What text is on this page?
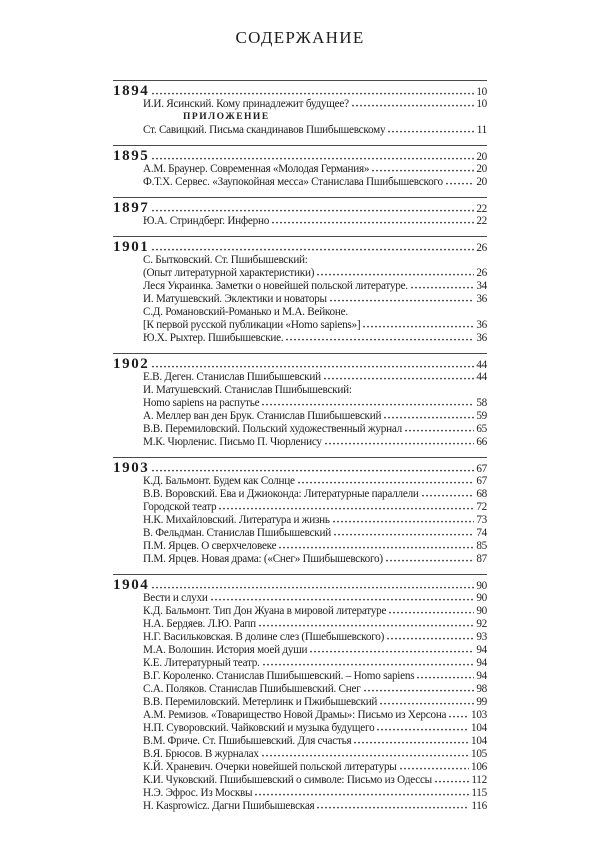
СОДЕРЖАНИЕ
1894	10
И.И. Ясинский. Кому принадлежит будущее?	10
ПРИЛОЖЕНИЕ
Ст. Савицкий. Письма скандинавов Пшибышевскому	11
1895	20
А.М. Браунер. Современная «Молодая Германия»	20
Ф.Т.Х. Сервес. «Заупокойная месса» Станислава Пшибышевского	20
1897	22
Ю.А. Стриндберг. Инферно	22
1901	26
С. Бытковский. Ст. Пшибышевский:
(Опыт литературной характеристики)	26
Леся Украинка. Заметки о новейшей польской литературе.	34
И. Матушевский. Эклектики и новаторы	36
С.Д. Романовский-Романько и М.А. Вейконе.
[К первой русской публикации «Homo sapiens»]	36
Ю.Х. Рыхтер. Пшибышевские.	36
1902	44
Е.В. Деген. Станислав Пшибышевский	44
И. Матушевский. Станислав Пшибышевский:
Homo sapiens на распутье	58
А. Меллер ван ден Брук. Станислав Пшибышевский	59
В.В. Перемиловский. Польский художественный журнал	65
М.К. Чюрленис. Письмо П. Чюрленису	66
1903	67
К.Д. Бальмонт. Будем как Солнце	67
В.В. Воровский. Ева и Джиоконда: Литературные параллели	68
Городской театр	72
Н.К. Михайловский. Литература и жизнь	73
В. Фельдман. Станислав Пшибышевский	74
П.М. Ярцев. О сверхчеловеке	85
П.М. Ярцев. Новая драма: («Снег» Пшибышевского)	87
1904	90
Вести и слухи	90
К.Д. Бальмонт. Тип Дон Жуана в мировой литературе	90
Н.А. Бердяев. Л.Ю. Рапп	92
Н.Г. Васильковская. В долине слез (Пшебышевского)	93
М.А. Волошин. История моей души	94
К.Е. Литературный театр.	94
В.Г. Короленко. Станислав Пшибышевский. – Homo sapiens	94
С.А. Поляков. Станислав Пшибышевский. Снег	98
В.В. Перемиловский. Метерлинк и Пжибышевский	99
А.М. Ремизов. «Товарищество Новой Драмы»: Письмо из Херсона 103
Н.П. Суворовский. Чайковский и музыка будущего	104
В.М. Фриче. Ст. Пшибышевский. Для счастья	104
В.Я. Брюсов. В журналах	105
К.Й. Храневич. Очерки новейшей польской литературы	106
К.И. Чуковский. Пшибышевский о символе: Письмо из Одессы	112
Н.Э. Эфрос. Из Москвы	115
H. Kasprowicz. Дагни Пшибышевская	116
